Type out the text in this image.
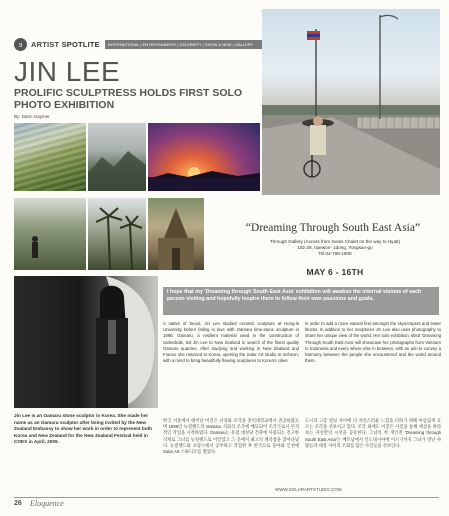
ɘ	ARTIST SPOTLITE	INTERNATIONAL | ENTERTAINMENT | CELEBRITY | SHOW & NEW | GALLERY
JIN LEE
PROLIFIC SCULPTRESS HOLDS FIRST SOLO PHOTO EXHIBITION
By: Dann Gaymer
“Dreaming Through South East Asia”
Through Gallery (Across from Swiss Chalet on the way to Hyatt)
102-28, Itaewon- 1dong, Yongsan-gu
Tel.02-798-1900
MAY 6 - 16TH
I hope that my 'Dreaming through South East Asia' exhibition will awaken the internal visions of each person visiting and hopefully inspire them to follow their own passions and goals.
A native of Seoul, Jin Lee studied ceramic sculpture at Hong-ik University before falling in love with Oamaru lime-stone sculpture in 1998. Oamaru, a resilient material used in the construction of cathedrals, led Jin Lee to New Zealand in search of the finest quality Oamaru quarries. After studying and working in New Zealand and France she returned to Korea, opening the Solar Art studio in Incheon, with a mind to bring beautifully flowing sculptures to Korea's cities
in order to add a more natural feel amongst the skyscrapers and tower blocks. In addition to her sculptures Jin Lee also uses photography to share her unique view of the world. Her solo exhibition, titled 'Dreaming Through South East Asia' will showcase her photographs from Vietnam to Indonesia and every where else in between, with an aim to convey a harmony between the people she encountered and the world around them.
한국 서울에서 태어난 이진은 서양화 조각을 홍익대학교에서 전공하였으며 1998년 뉴질랜드의 Oamaru 석회석 조각에 매료되어 조각가로서 본격적인 작업을 시작하였다. Oamaru는 유럽 대성당 건축에 사용되는 견고한 석재로 그녀를 뉴질랜드로 이끌었고 그 곳에서 최고의 채석장을 찾아다녔다. 뉴질랜드와 프랑스에서 공부하고 작업한 후 한국으로 돌아와 인천에 Solar Art 스튜디오를 열었다.
도시의 고층 빌딩 사이에 더 자연스러운 느낌을 더하기 위해 아름답게 흐르는 조각을 선보이고 있다. 조각 외에도 이진은 사진을 통해 세상을 바라보는 자신만의 시선을 공유한다. 그녀의 첫 개인전 'Dreaming through South East Asia'는 베트남에서 인도네시아에 이르기까지 그녀가 만난 사람들과 세상 사이의 조화를 담은 사진들을 선보인다.
Jin Lee is an Oamaru stone sculptor in Korea. She made her name as an Oamaru sculptor after being invited by the New Zealand Embassy to show her work in order to represent both Korea and New Zealand for the New Zealand Festival held in COEX in April, 2009.
WWW.SOLARARTSTUDIO.COM
26 Eloquence
